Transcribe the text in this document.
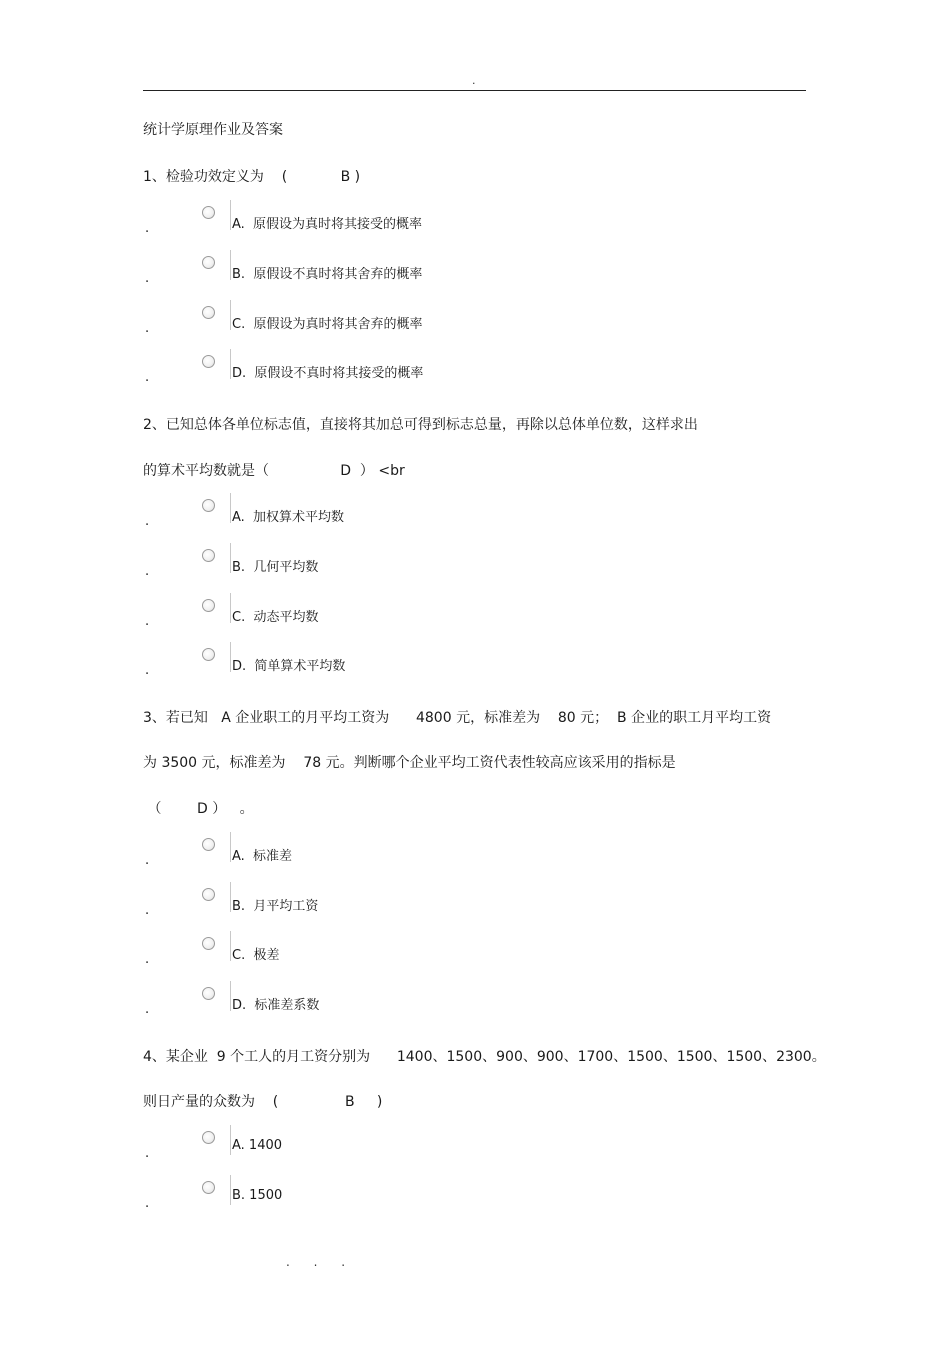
.
统计学原理作业及答案
1、检验功效定义为    (            B )
.	A.  原假设为真时将其接受的概率
.	B.  原假设不真时将其舍弃的概率
.	C.  原假设为真时将其舍弃的概率
.	D.  原假设不真时将其接受的概率
2、已知总体各单位标志值，直接将其加总可得到标志总量，再除以总体单位数，这样求出
的算术平均数就是（                D  ） <br
.	A.  加权算术平均数
.	B.  几何平均数
.	C.  动态平均数
.	D.  简单算术平均数
3、若已知   A 企业职工的月平均工资为      4800 元，标准差为    80 元；  B 企业的职工月平均工资
为 3500 元，标准差为    78 元。判断哪个企业平均工资代表性较高应该采用的指标是
（        D ）   。
.	A.  标准差
.	B.  月平均工资
.	C.  极差
.	D.  标准差系数
4、某企业  9 个工人的月工资分别为      1400、1500、900、900、1700、1500、1500、1500、2300。
则日产量的众数为    (               B     )
.
A. 1400
.
B. 1500
. . .
